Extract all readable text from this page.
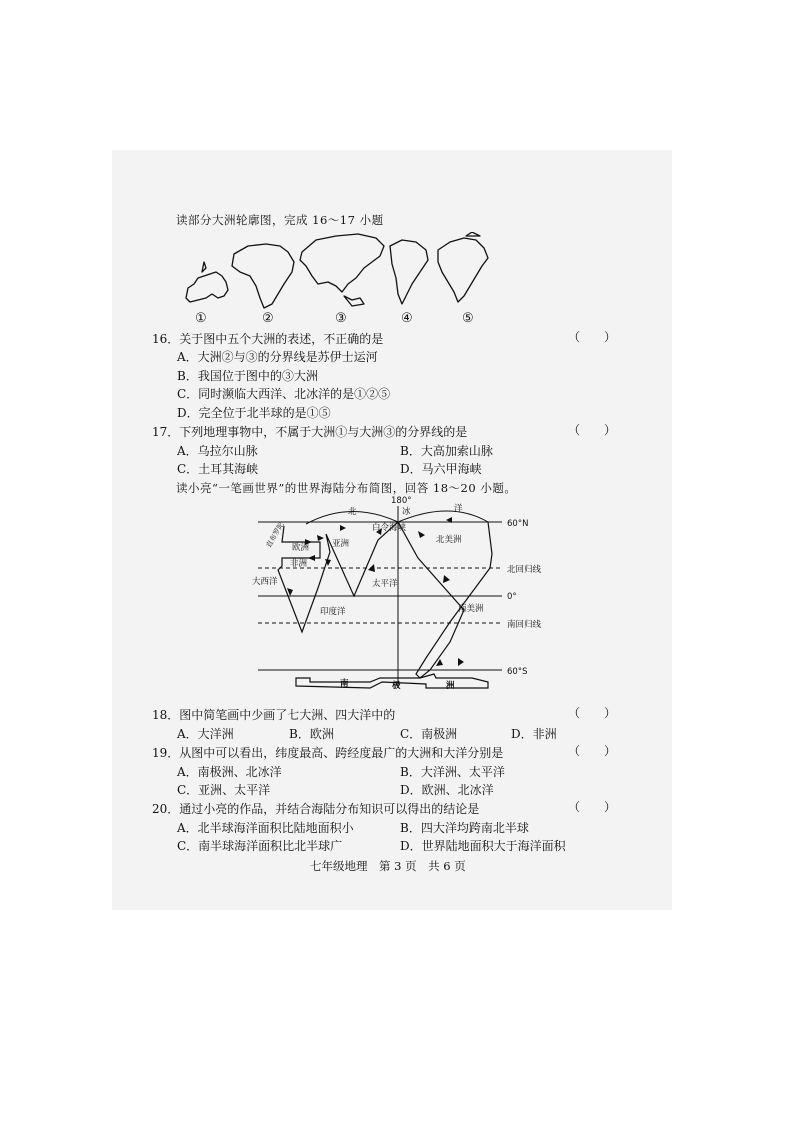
读部分大洲轮廓图，完成 16～17 小题
①	②	③	④	⑤
16．关于图中五个大洲的表述，不正确的是	（　　）
A．大洲②与③的分界线是苏伊士运河
B．我国位于图中的③大洲
C．同时濒临大西洋、北冰洋的是①②⑤
D．完全位于北半球的是①⑤
17．下列地理事物中，不属于大洲①与大洲③的分界线的是	（　　）
A．乌拉尔山脉	B．大高加索山脉
C．土耳其海峡	D．马六甲海峡
读小亮“一笔画世界”的世界海陆分布简图，回答 18～20 小题。
180°
60°N
北回归线
0°
南回归线
60°S
北	冰	洋
白令海峡
欧洲	亚洲	北美洲
非洲
大西洋	太平洋
印度洋	南美洲
直布罗陀
南	极	洲
18．图中简笔画中少画了七大洲、四大洋中的	（　　）
A．大洋洲	B．欧洲	C．南极洲	D．非洲
19．从图中可以看出，纬度最高、跨经度最广的大洲和大洋分别是	（　　）
A．南极洲、北冰洋	B．大洋洲、太平洋
C．亚洲、太平洋	D．欧洲、北冰洋
20．通过小亮的作品，并结合海陆分布知识可以得出的结论是	（　　）
A．北半球海洋面积比陆地面积小	B．四大洋均跨南北半球
C．南半球海洋面积比北半球广	D．世界陆地面积大于海洋面积
七年级地理　第 3 页　共 6 页
